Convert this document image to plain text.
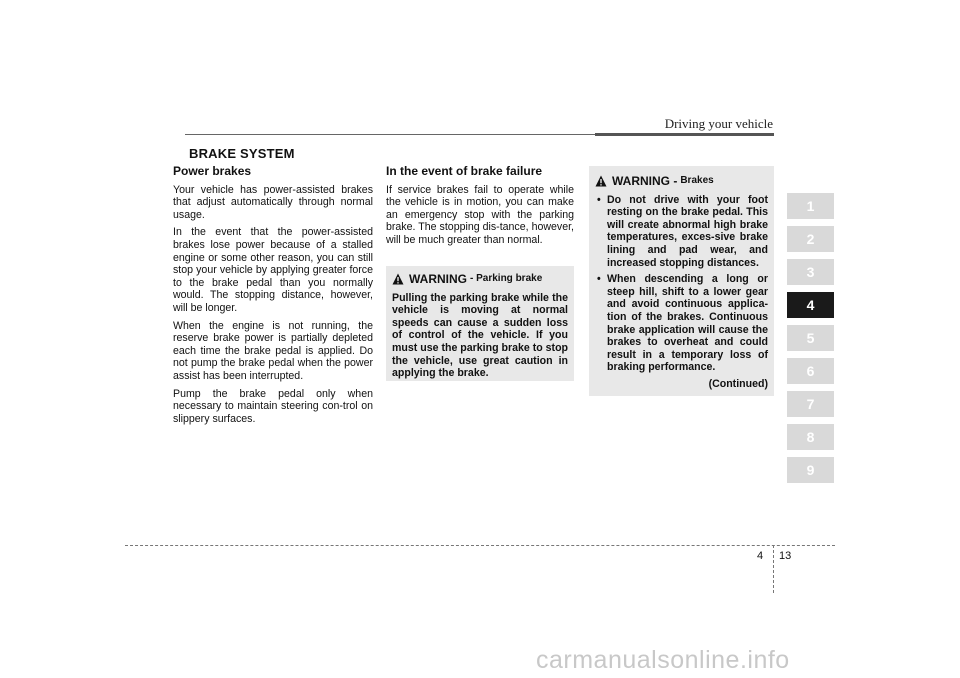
Driving your vehicle
BRAKE SYSTEM
Power brakes

Your vehicle has power-assisted brakes that adjust automatically through normal usage.

In the event that the power-assisted brakes lose power because of a stalled engine or some other reason, you can still stop your vehicle by applying greater force to the brake pedal than you normally would. The stopping distance, however, will be longer.

When the engine is not running, the reserve brake power is partially depleted each time the brake pedal is applied. Do not pump the brake pedal when the power assist has been interrupted.

Pump the brake pedal only when necessary to maintain steering con-trol on slippery surfaces.

In the event of brake failure

If service brakes fail to operate while the vehicle is in motion, you can make an emergency stop with the parking brake. The stopping dis-tance, however, will be much greater than normal.

WARNING - Parking brake

Pulling the parking brake while the vehicle is moving at normal speeds can cause a sudden loss of control of the vehicle. If you must use the parking brake to stop the vehicle, use great caution in applying the brake.

WARNING - Brakes
• Do not drive with your foot resting on the brake pedal. This will create abnormal high brake temperatures, exces-sive brake lining and pad wear, and increased stopping distances.
• When descending a long or steep hill, shift to a lower gear and avoid continuous applica-tion of the brakes. Continuous brake application will cause the brakes to overheat and could result in a temporary loss of braking performance.
(Continued)
1
2
3
4
5
6
7
8
9
4 13
carmanualsonline.info
